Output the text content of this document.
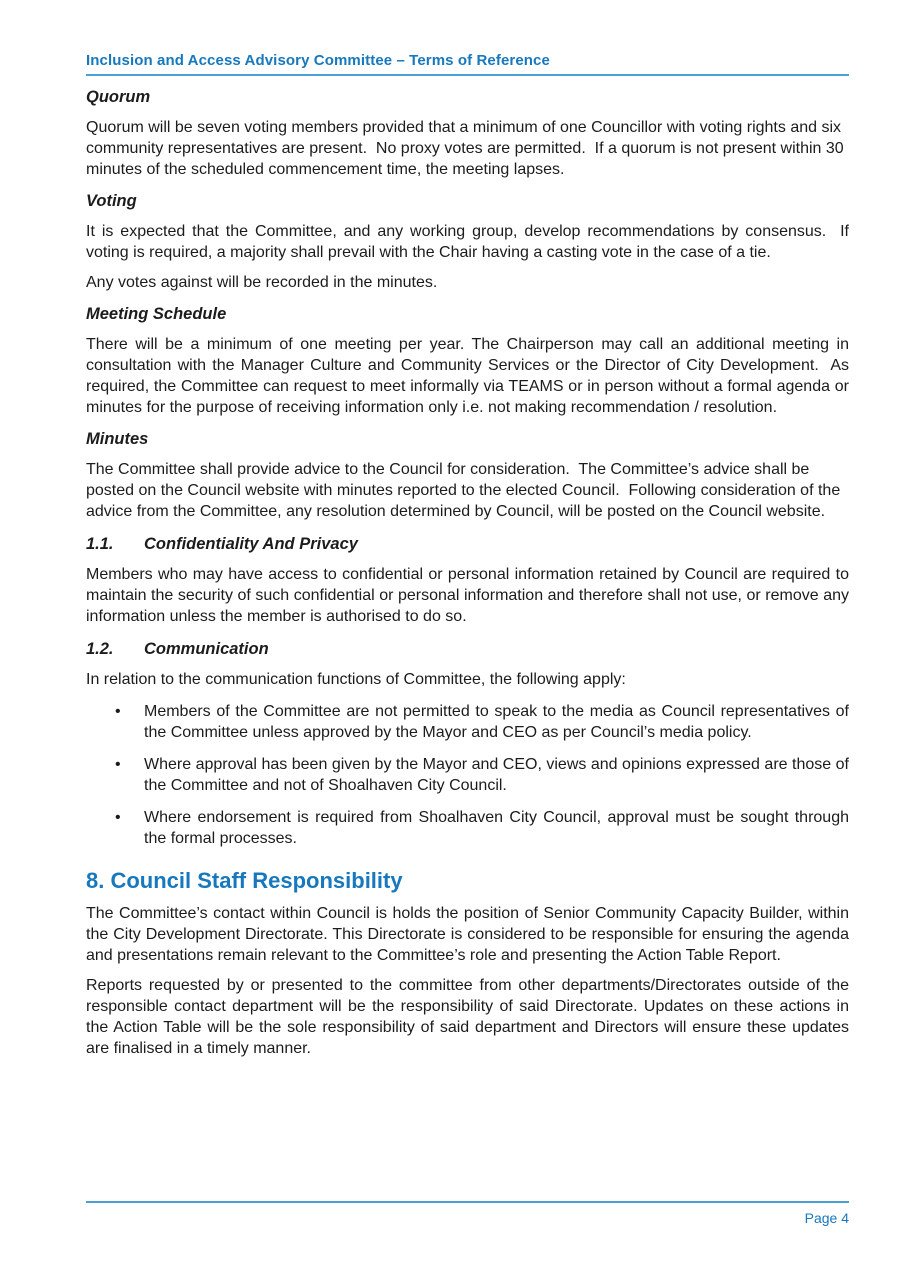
Inclusion and Access Advisory Committee – Terms of Reference
Quorum
Quorum will be seven voting members provided that a minimum of one Councillor with voting rights and six community representatives are present.  No proxy votes are permitted.  If a quorum is not present within 30 minutes of the scheduled commencement time, the meeting lapses.
Voting
It is expected that the Committee, and any working group, develop recommendations by consensus.  If voting is required, a majority shall prevail with the Chair having a casting vote in the case of a tie.
Any votes against will be recorded in the minutes.
Meeting Schedule
There will be a minimum of one meeting per year. The Chairperson may call an additional meeting in consultation with the Manager Culture and Community Services or the Director of City Development.  As required, the Committee can request to meet informally via TEAMS or in person without a formal agenda or minutes for the purpose of receiving information only i.e. not making recommendation / resolution.
Minutes
The Committee shall provide advice to the Council for consideration.  The Committee’s advice shall be posted on the Council website with minutes reported to the elected Council.  Following consideration of the advice from the Committee, any resolution determined by Council, will be posted on the Council website.
1.1.	Confidentiality And Privacy
Members who may have access to confidential or personal information retained by Council are required to maintain the security of such confidential or personal information and therefore shall not use, or remove any information unless the member is authorised to do so.
1.2.	Communication
In relation to the communication functions of Committee, the following apply:
• Members of the Committee are not permitted to speak to the media as Council representatives of the Committee unless approved by the Mayor and CEO as per Council’s media policy.
• Where approval has been given by the Mayor and CEO, views and opinions expressed are those of the Committee and not of Shoalhaven City Council.
• Where endorsement is required from Shoalhaven City Council, approval must be sought through the formal processes.
8. Council Staff Responsibility
The Committee’s contact within Council is holds the position of Senior Community Capacity Builder, within the City Development Directorate. This Directorate is considered to be responsible for ensuring the agenda and presentations remain relevant to the Committee’s role and presenting the Action Table Report.
Reports requested by or presented to the committee from other departments/Directorates outside of the responsible contact department will be the responsibility of said Directorate. Updates on these actions in the Action Table will be the sole responsibility of said department and Directors will ensure these updates are finalised in a timely manner.
Page 4
